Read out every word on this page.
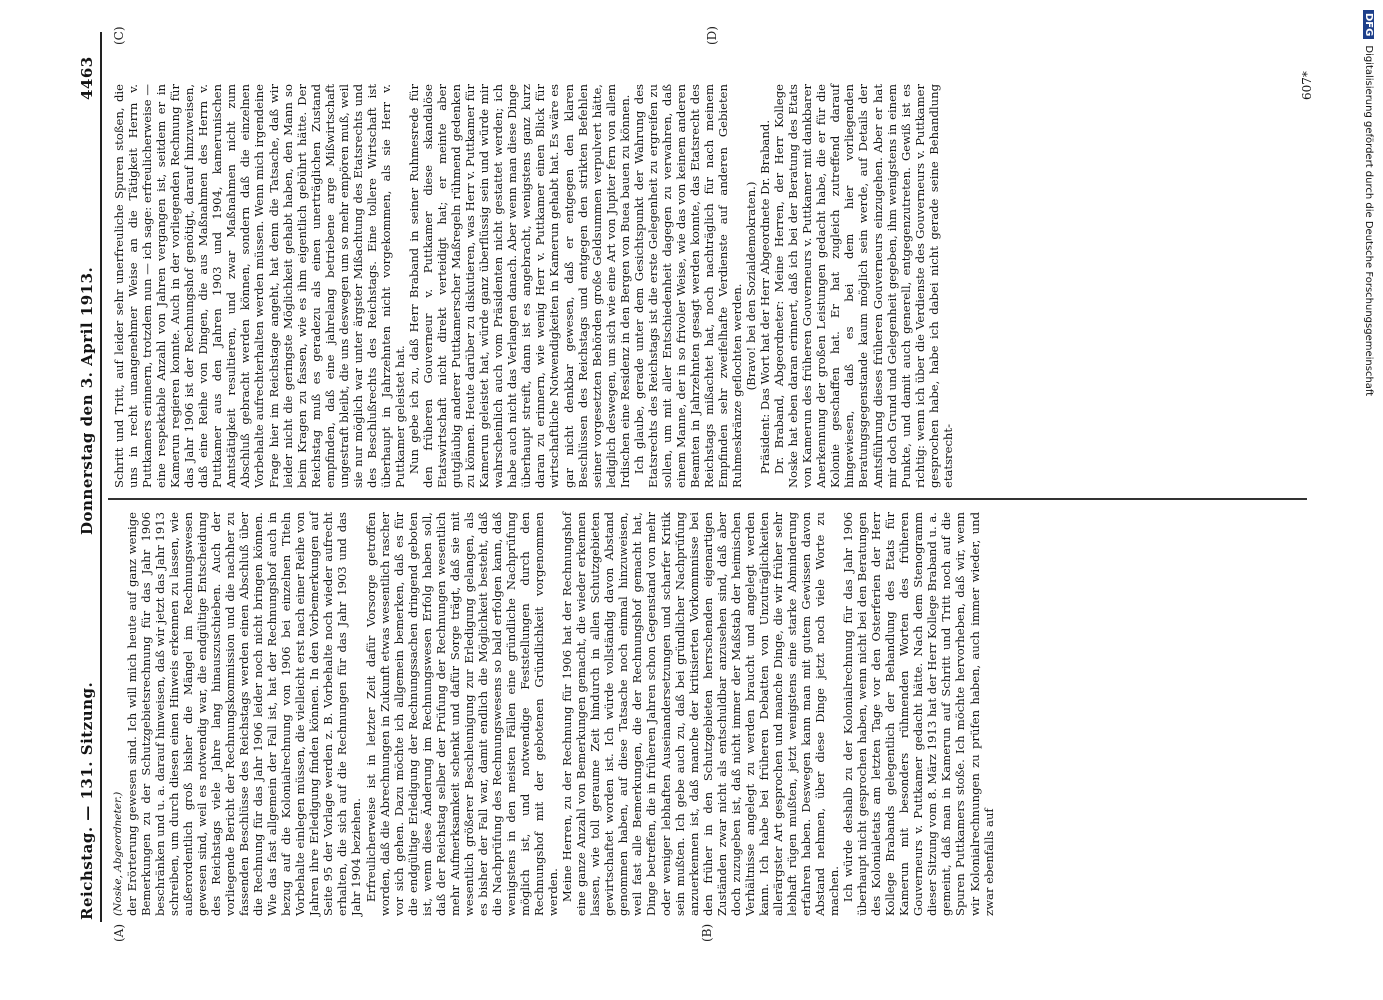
Reichstag. — 131. Sitzung.
Donnerstag den 3. April 1913.
4463
(A)	(B)
(C)	(D)

(Noske, Abgeordneter.) der Erörterung gewesen sind. Ich will mich heute auf ganz wenige Bemerkungen zu der Schutzgebietsrechnung für das Jahr 1906 beschränken und u. a. darauf hinweisen, daß wir jetzt das Jahr 1913 schreiben, um durch diesen einen Hinweis erkennen zu lassen, wie außerordentlich groß bisher die Mängel im Rechnungswesen gewesen sind, weil es notwendig war, die endgültige Entscheidung des Reichstags viele Jahre lang hinauszuschieben. Auch der vorliegende Bericht der Rechnungskommission und die nachher zu fassenden Beschlüsse des Reichstags werden einen Abschluß über die Rechnung für das Jahr 1906 leider noch nicht bringen können. Wie das fast allgemein der Fall ist, hat der Rechnungshof auch in bezug auf die Kolonialrechnung von 1906 bei einzelnen Titeln Vorbehalte einlegen müssen, die vielleicht erst nach einer Reihe von Jahren ihre Erledigung finden können. In den Vorbemerkungen auf Seite 95 der Vorlage werden z. B. Vorbehalte noch wieder aufrecht erhalten, die sich auf die Rechnungen für das Jahr 1903 und das Jahr 1904 beziehen. Erfreulicherweise ist in letzter Zeit dafür Vorsorge getroffen worden, daß die Abrechnungen in Zukunft etwas wesentlich rascher vor sich gehen. Dazu möchte ich allgemein bemerken, daß es für die endgültige Erledigung der Rechnungssachen dringend geboten ist, wenn diese Änderung im Rechnungswesen Erfolg haben soll, daß der Reichstag selber der Prüfung der Rechnungen wesentlich mehr Aufmerksamkeit schenkt und dafür Sorge trägt, daß sie mit wesentlich größerer Beschleunigung zur Erledigung gelangen, als es bisher der Fall war, damit endlich die Möglichkeit besteht, daß die Nachprüfung des Rechnungswesens so bald erfolgen kann, daß wenigstens in den meisten Fällen eine gründliche Nachprüfung möglich ist, und notwendige Feststellungen durch den Rechnungshof mit der gebotenen Gründlichkeit vorgenommen werden. Meine Herren, zu der Rechnung für 1906 hat der Rechnungshof eine ganze Anzahl von Bemerkungen gemacht, die wieder erkennen lassen, wie toll geraume Zeit hindurch in allen Schutzgebieten gewirtschaftet worden ist. Ich würde vollständig davon Abstand genommen haben, auf diese Tatsache noch einmal hinzuweisen, weil fast alle Bemerkungen, die der Rechnungshof gemacht hat, Dinge betreffen, die in früheren Jahren schon Gegenstand von mehr oder weniger lebhaften Auseinandersetzungen und scharfer Kritik sein mußten. Ich gebe auch zu, daß bei gründlicher Nachprüfung anzuerkennen ist, daß manche der kritisierten Vorkommnisse bei den früher in den Schutzgebieten herrschenden eigenartigen Zuständen zwar nicht als entschuldbar anzusehen sind, daß aber doch zuzugeben ist, daß nicht immer der Maßstab der heimischen Verhältnisse angelegt zu werden braucht und angelegt werden kann. Ich habe bei früheren Debatten von Unzuträglichkeiten allerärgster Art gesprochen und manche Dinge, die wir früher sehr lebhaft rügen mußten, jetzt wenigstens eine starke Abminderung erfahren haben. Deswegen kann man mit gutem Gewissen davon Abstand nehmen, über diese Dinge jetzt noch viele Worte zu machen. Ich würde deshalb zu der Kolonialrechnung für das Jahr 1906 überhaupt nicht gesprochen haben, wenn nicht bei den Beratungen des Kolonialetats am letzten Tage vor den Osterferien der Herr Kollege Brabands gelegentlich der Behandlung des Etats für Kamerun mit besonders rühmenden Worten des früheren Gouverneurs v. Puttkamer gedacht hätte. Nach dem Stenogramm dieser Sitzung vom 8. März 1913 hat der Herr Kollege Braband u. a. gemeint, daß man in Kamerun auf Schritt und Tritt noch auf die Spuren Puttkamers stoße. Ich möchte hervorheben, daß wir, wenn wir Kolonialrechnungen zu prüfen haben, auch immer wieder, und zwar ebenfalls auf

Schritt und Tritt, auf leider sehr unerfreuliche Spuren stoßen, die uns in recht unangenehmer Weise an die Tätigkeit Herrn v. Puttkamers erinnern, trotzdem nun — ich sage: erfreulicherweise — eine respektable Anzahl von Jahren vergangen ist, seitdem er in Kamerun regieren konnte. Auch in der vorliegenden Rechnung für das Jahr 1906 ist der Rechnungshof genötigt, darauf hinzuweisen, daß eine Reihe von Dingen, die aus Maßnahmen des Herrn v. Puttkamer aus den Jahren 1903 und 1904, kamerunischen Amtstätigkeit resultieren, und zwar Maßnahmen nicht zum Abschluß gebracht werden können, sondern daß die einzelnen Vorbehalte aufrechterhalten werden müssen. Wenn mich irgendeine Frage hier im Reichstage angeht, hat denn die Tatsache, daß wir leider nicht die geringste Möglichkeit gehabt haben, den Mann so beim Kragen zu fassen, wie es ihm eigentlich gebührt hätte. Der Reichstag muß es geradezu als einen unerträglichen Zustand empfinden, daß eine jahrelang betriebene arge Mißwirtschaft ungestraft bleibt, die uns deswegen um so mehr empören muß, weil sie nur möglich war unter ärgster Mißachtung des Etatsrechts und des Beschlußrechts des Reichstags. Eine tollere Wirtschaft ist überhaupt in Jahrzehnten nicht vorgekommen, als sie Herr v. Puttkamer geleistet hat. Nun gebe ich zu, daß Herr Braband in seiner Ruhmesrede für den früheren Gouverneur v. Puttkamer diese skandalöse Etatswirtschaft nicht direkt verteidigt hat; er meinte aber gutgläubig anderer Puttkamerscher Maßregeln rühmend gedenken zu können. Heute darüber zu diskutieren, was Herr v. Puttkamer für Kamerun geleistet hat, würde ganz überflüssig sein und würde mir wahrscheinlich auch vom Präsidenten nicht gestattet werden; ich habe auch nicht das Verlangen danach. Aber wenn man diese Dinge überhaupt streift, dann ist es angebracht, wenigstens ganz kurz daran zu erinnern, wie wenig Herr v. Puttkamer einen Blick für wirtschaftliche Notwendigkeiten in Kamerun gehabt hat. Es wäre es gar nicht denkbar gewesen, daß er entgegen den klaren Beschlüssen des Reichstags und entgegen den strikten Befehlen seiner vorgesetzten Behörden große Geldsummen verpulvert hätte, lediglich deswegen, um sich wie eine Art von Jupiter fern von allem Irdischen eine Residenz in den Bergen von Buea bauen zu können. Ich glaube, gerade unter dem Gesichtspunkt der Wahrung des Etatsrechts des Reichstags ist die erste Gelegenheit zu ergreifen zu sollen, um mit aller Entschiedenheit dagegen zu verwahren, daß einem Manne, der in so frivoler Weise, wie das von keinem anderen Beamten in Jahrzehnten gesagt werden konnte, das Etatsrecht des Reichstags mißachtet hat, noch nachträglich für nach meinem Empfinden sehr zweifelhafte Verdienste auf anderen Gebieten Ruhmeskränze geflochten werden. (Bravo! bei den Sozialdemokraten.) Präsident: Das Wort hat der Herr Abgeordnete Dr. Braband. Dr. Braband, Abgeordneter: Meine Herren, der Herr Kollege Noske hat eben daran erinnert, daß ich bei der Beratung des Etats von Kamerun des früheren Gouverneurs v. Puttkamer mit dankbarer Anerkennung der großen Leistungen gedacht habe, die er für die Kolonie geschaffen hat. Er hat zugleich zutreffend darauf hingewiesen, daß es bei dem hier vorliegenden Beratungsgegenstande kaum möglich sein werde, auf Details der Amtsführung dieses früheren Gouverneurs einzugehen. Aber er hat mir doch Grund und Gelegenheit gegeben, ihm wenigstens in einem Punkte, und damit auch generell, entgegenzutreten. Gewiß ist es richtig: wenn ich über die Verdienste des Gouverneurs v. Puttkamer gesprochen habe, habe ich dabei nicht gerade seine Behandlung etatsrecht-

607*
DFGDigitalisierung gefördert durch die Deutsche Forschungsgemeinschaft
